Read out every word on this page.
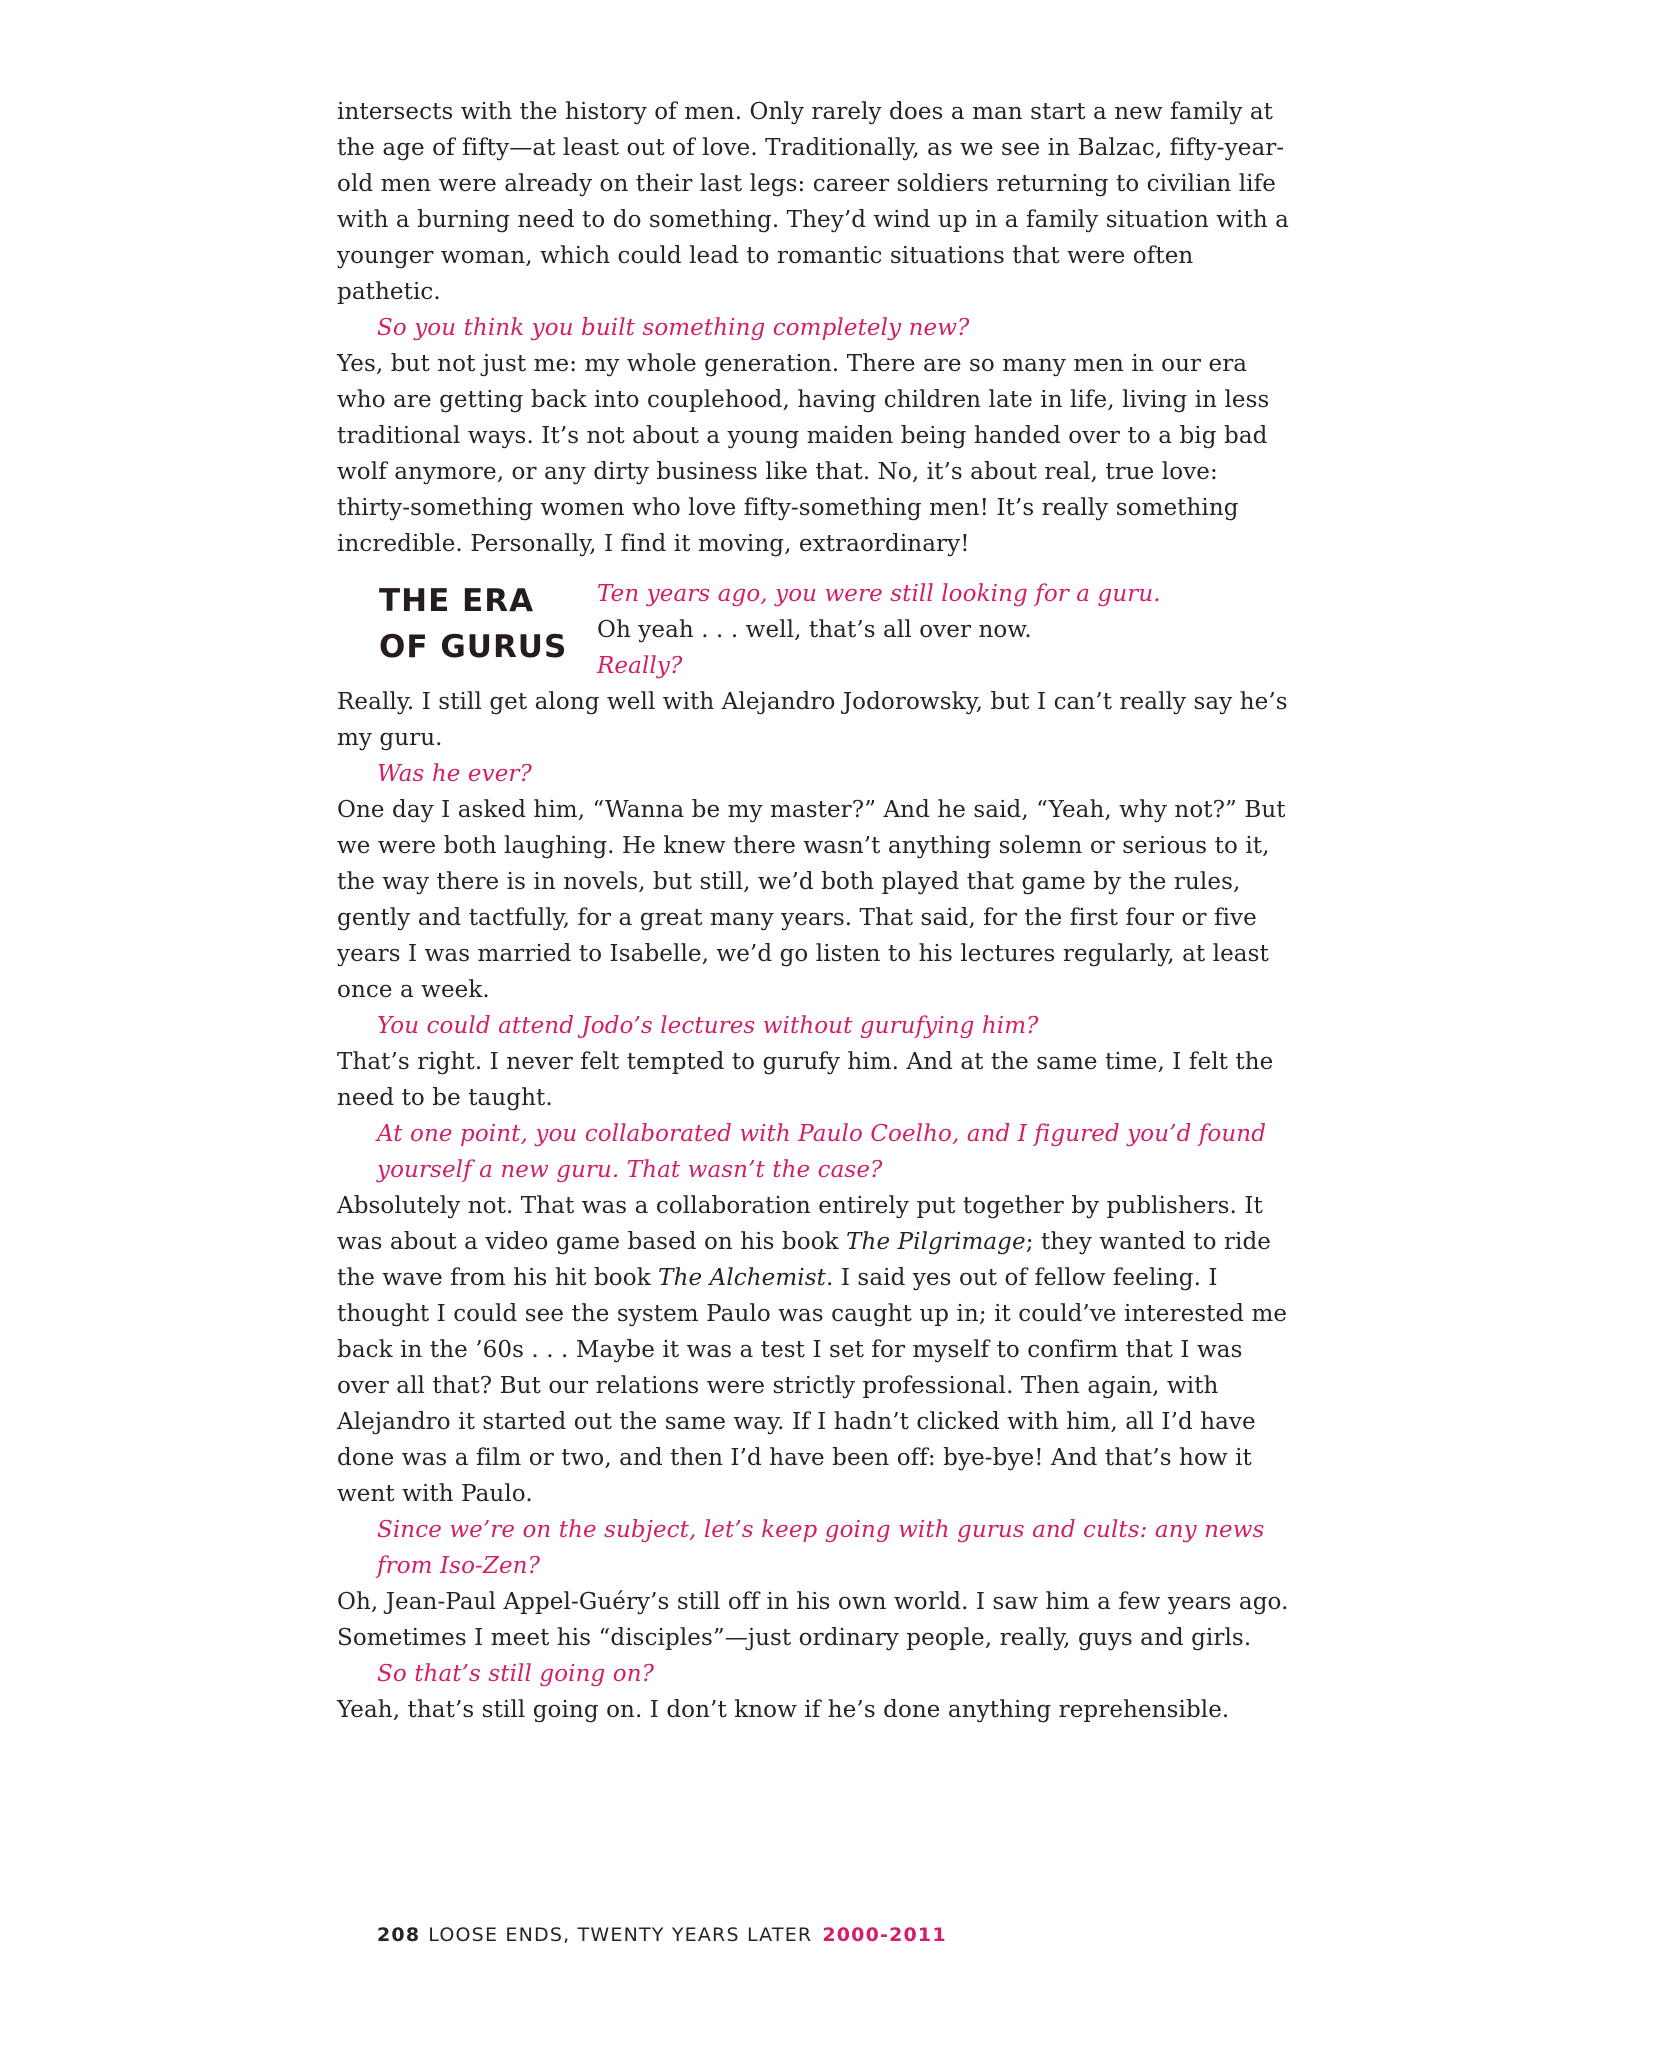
intersects with the history of men. Only rarely does a man start a new family at the age of fifty—at least out of love. Traditionally, as we see in Balzac, fifty-year-old men were already on their last legs: career soldiers returning to civilian life with a burning need to do something. They’d wind up in a family situation with a younger woman, which could lead to romantic situations that were often pathetic.

So you think you built something completely new?

Yes, but not just me: my whole generation. There are so many men in our era who are getting back into couplehood, having children late in life, living in less traditional ways. It’s not about a young maiden being handed over to a big bad wolf anymore, or any dirty business like that. No, it’s about real, true love: thirty-something women who love fifty-something men! It’s really something incredible. Personally, I find it moving, extraordinary!

THE ERA
OF GURUS
Ten years ago, you were still looking for a guru.
Oh yeah . . . well, that’s all over now.
Really?

Really. I still get along well with Alejandro Jodorowsky, but I can’t really say he’s my guru.

Was he ever?

One day I asked him, “Wanna be my master?” And he said, “Yeah, why not?” But we were both laughing. He knew there wasn’t anything solemn or serious to it, the way there is in novels, but still, we’d both played that game by the rules, gently and tactfully, for a great many years. That said, for the first four or five years I was married to Isabelle, we’d go listen to his lectures regularly, at least once a week.

You could attend Jodo’s lectures without gurufying him?

That’s right. I never felt tempted to gurufy him. And at the same time, I felt the need to be taught.

At one point, you collaborated with Paulo Coelho, and I figured you’d found yourself a new guru. That wasn’t the case?

Absolutely not. That was a collaboration entirely put together by publishers. It was about a video game based on his book The Pilgrimage; they wanted to ride the wave from his hit book The Alchemist. I said yes out of fellow feeling. I thought I could see the system Paulo was caught up in; it could’ve interested me back in the ’60s . . . Maybe it was a test I set for myself to confirm that I was over all that? But our relations were strictly professional. Then again, with Alejandro it started out the same way. If I hadn’t clicked with him, all I’d have done was a film or two, and then I’d have been off: bye-bye! And that’s how it went with Paulo.

Since we’re on the subject, let’s keep going with gurus and cults: any news from Iso-Zen?

Oh, Jean-Paul Appel-Guéry’s still off in his own world. I saw him a few years ago. Sometimes I meet his “disciples”—just ordinary people, really, guys and girls.

So that’s still going on?

Yeah, that’s still going on. I don’t know if he’s done anything reprehensible.

208 LOOSE ENDS, TWENTY YEARS LATER 2000-2011
